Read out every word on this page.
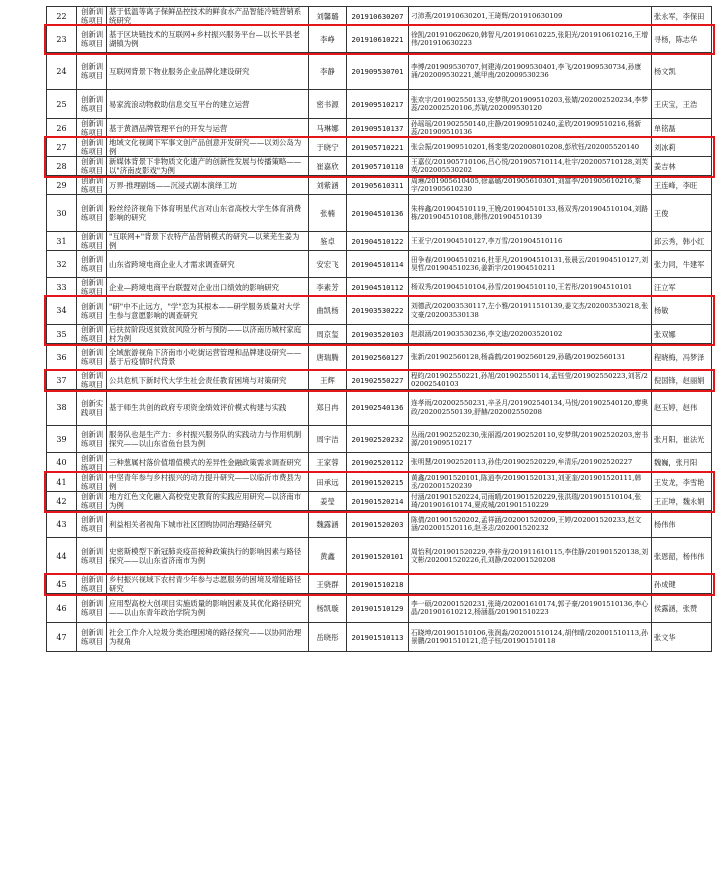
22	创新训练项目	基于低温等离子保鲜品控技术的鲜食水产品智能冷链营销系统研究	刘馨璐	201910630207	刁沛燕/201910630201,王琦辉/201910630109	张永军，李保田

23	创新训练项目	基于区块链技术的互联网+乡村振兴服务平台—以长平县老湖镇为例	李峥	201910610221	徐凯/201910620620,韩智凡/201910610225,张阳光/201910610216,王增伟/201910630223	寻杨，陈志华

24	创新训练项目	互联网背景下物业服务企业品牌化建设研究	李静	201909530701	李博/201909530707,何建涛/201909530401,李飞/201909530734,孙康涌/202009530221,姚甲南/202009530236	杨文凯

25	创新训练项目	易家流浪动物救助信息交互平台的建立运营	密书源	201909510217	张欢宇/201902550133,安梦琪/201909510203,张婧/202002520234,李梦蕊/202002520106,苏斌/202009530120	王庆宝，王浩

26	创新训练项目	基于黄酒品牌管理平台的开发与运营	马琳娜	201909510137	孙瑶瑶/201902550140,庄静/201909510240,孟欣/201909510216,杨新蕊/201909510136	单铭磊

27	创新训练项目	地域文化视阈下军事文创产品创意开发研究——以刘公岛为例	于晓宁	201905710221	张会振/201909510201,杨斐斐/202008010208,彭欣钰/202005520140	刘冰莉

28	创新训练项目	新媒体背景下非物质文化遗产的创新性发展与传播策略——以"济南皮影戏"为例	崔嘉欣	201905710110	王嘉仪/201905710106,吕心悦/201905710114,杜宇/202005710128,刘芙英/202005530202	姜吉林

29	创新训练项目	万界·推理剧场——沉浸式剧本演绎工坊	刘紫涵	201905610311	周琳/201905610405,徐嘉璐/201905610301,刘富李/201905610216,秦宇/201905610230	王连峰，李旺

30	创新训练项目	粉丝经济视角下体育明星代言对山东省高校大学生体育消费影响的研究	张楠	201904510136	朱梓鑫/201904510119,王娩/201904510133,杨双秀/201904510104,刘路栋/201904510108,韩伟/201904510139	王俊

31	创新训练项目	"互联网+"背景下农特产品营销模式的研究—以莱芜生姜为例	鉴卓	201904510122	王亚宁/201904510127,李万雪/201904510116	邱云秀，韩小红

32	创新训练项目	山东省跨境电商企业人才需求调查研究	安宏飞	201904510114	田争春/201904510216,杜菲凡/201904510131,张晨云/201904510127,刘昊哲/201904510236,姜新宇/201904510211	张力同，牛建军

33	创新训练项目	企业—跨境电商平台联盟对企业出口绩效的影响研究	李素芳	201904510112	杨双秀/201904510104,孙雪/201904510110,王若彤/201904510101	汪立军

34	创新训练项目	"研"中不止远方，"学"恋为其根本——研学服务质量对大学生参与意愿影响的调查研究	曲凯杨	201903530222	刘德武/202003530117,左小雅/201911510139,姜文杰/202003530218,张文豪/202003530138	杨敏

35	创新训练项目	后扶贫阶段返贫致贫风险分析与预防——以济南历城村家庭村为例	周京玺	201903520103	赵淑涵/201903530236,李文迪/202003520102	张双娜

36	创新训练项目	全域旅游视角下济南市小吃街运营管理和品牌建设研究——基于后疫情时代背景	唐瑞腾	201902560127	张新/201902560128,杨淼鹤/201902560129,孙璐/201902560131	程晓梅，冯梦泽

37	创新训练项目	公共危机下新时代大学生社会责任教育困境与对策研究	王辉	201902550227	程昀/201902550221,孙旭/201902550114,孟钰莹/201902550223,刘茗/202002540103	倪国锋，赵丽娟

38	创新实践项目	基于师生共创的政府专项资金绩效评价模式构建与实践	郑日冉	201902540136	连孝雨/202002550231,辛圣月/201902540134,马悦/201902540120,廖奥政/202002550139,舒赫/202002550208	赵玉婷，赵伟

39	创新训练项目	服务队也是生产力：乡村振兴服务队的实践动力与作用机制探究——以山东省鱼台县为例	周宇洁	201902520232	丛雨/201902520230,张丽源/201902520110,安梦琪/201902520203,密书源/201909510217	张月阳，崔法光

40	创新训练项目	三种葱属村落价值增值模式的差异性金融政策需求调查研究	王家蓉	201902520112	张明慧/201902520113,孙佳/201902520229,牟清乐/201902520227	魏巍，张月阳

41	创新训练项目	中坚青年参与乡村振兴的动力提升研究——以临沂市费县为例	田承远	201901520215	黄鑫/201901520101,陈逍李/201901520131,刘亚奎/201901520111,韩丞/202001520239	王发龙，李雪艳

42	创新训练项目	地方红色文化融入高校党史教育的实践应用研究—以济南市为例	姜瑩	201901520214	付涵/201901520224,司雨晴/201901520229,张洪瑞/201901510104,张琦/201901610174,夏成城/201901510229	王正坤，魏永娟

43	创新训练项目	利益相关者视角下城市社区团购协同治理路径研究	魏露涵	201901520203	陈倩/201901520202,孟祥涵/202001520209,王婷/202001520233,赵文涵/202001520116,赵圣志/202001520232	杨伟伟

44	创新训练项目	史密斯模型下新冠肺炎疫苗接种政策执行的影响因素与路径探究——以山东省济南市为例	黄鑫	201901520101	周怡利/201901520229,李梓龙/201911610115,李佳静/201901520138,刘文彬/202001520226,孔刘静/202001520208	张恩韶，杨伟伟

45	创新训练项目	乡村振兴视域下农村青少年参与志愿服务的困境及增能路径研究	王骁群	201901510218		孙成键

46	创新训练项目	应用型高校大创项目实施质量的影响因素及其优化路径研究——以山东青年政治学院为例	杨凯璇	201901510129	李一硕/202001520231,张琦/202001610174,郭子豪/201901510136,李心晶/201901610212,杨涵磊/201901510223	侯露涵，张赞

47	创新训练项目	社会工作介入垃圾分类治理困境的路径探究——以协同治理为视角	岳晓彤	201901510113	石晓坤/201901510106,张润淼/202001510124,胡伟晴/202001510113,孙景鹏/201901510121,范子钰/201901510118	张文华
